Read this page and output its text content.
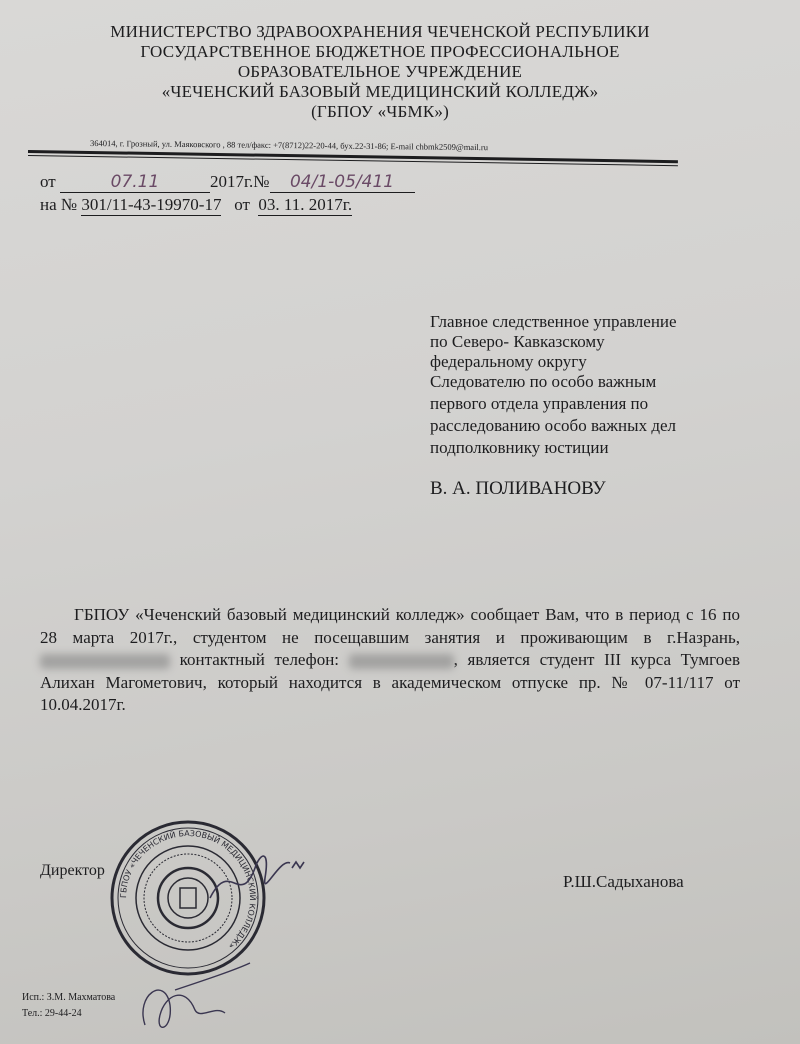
МИНИСТЕРСТВО ЗДРАВООХРАНЕНИЯ ЧЕЧЕНСКОЙ РЕСПУБЛИКИ
ГОСУДАРСТВЕННОЕ БЮДЖЕТНОЕ ПРОФЕССИОНАЛЬНОЕ
ОБРАЗОВАТЕЛЬНОЕ УЧРЕЖДЕНИЕ
«ЧЕЧЕНСКИЙ БАЗОВЫЙ МЕДИЦИНСКИЙ КОЛЛЕДЖ»
(ГБПОУ «ЧБМК»)
364014, г. Грозный, ул. Маяковского , 88 тел/факс: +7(8712)22-20-44, бух.22-31-86; E-mail chbmk2509@mail.ru
от	07.11	2017г.№ 04/1-05/411
на № 301/11-43-19970-17 от 03. 11. 2017г.
Главное следственное управление
по Северо- Кавказскому
федеральному округу
Следователю по особо важным
первого отдела управления по
расследованию особо важных дел
подполковнику юстиции
В. А. ПОЛИВАНОВУ

ГБПОУ «Чеченский базовый медицинский колледж» сообщает Вам, что в период с 16 по 28 марта 2017г., студентом не посещавшим занятия и проживающим в г.Назрань,  контактный телефон:	, является студент III курса Тумгоев Алихан Магометович, который находится в академическом отпуске пр. № 07-11/117 от 10.04.2017г.

Директор
ГБПОУ «ЧЕЧЕНСКИЙ БАЗОВЫЙ МЕДИЦИНСКИЙ КОЛЛЕДЖ»
Р.Ш.Садыханова
Исп.: З.М. Махматова
Тел.: 29-44-24
